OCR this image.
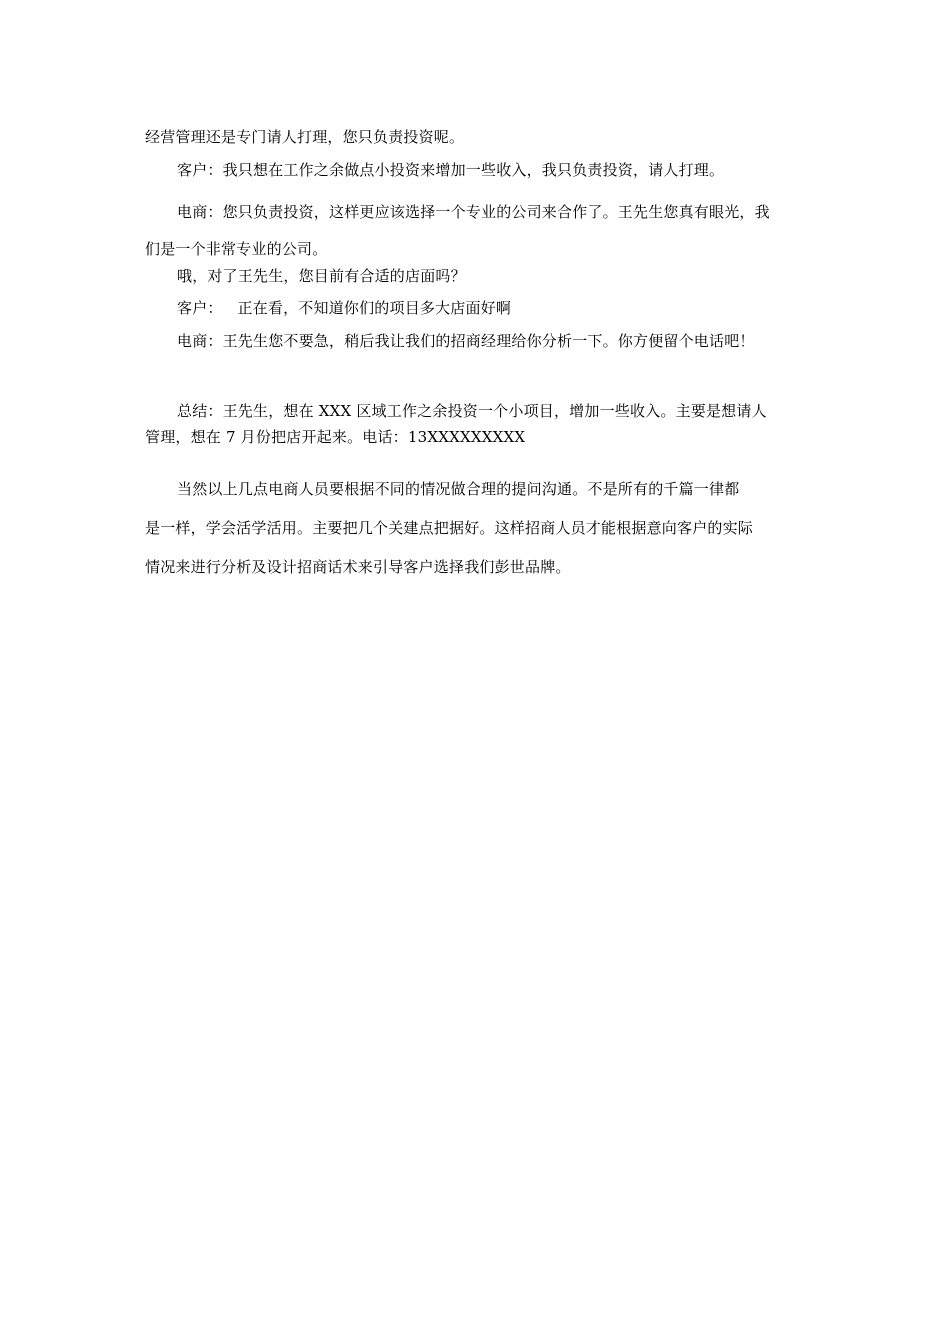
经营管理还是专门请人打理，您只负责投资呢。
客户：我只想在工作之余做点小投资来增加一些收入，我只负责投资，请人打理。
电商：您只负责投资，这样更应该选择一个专业的公司来合作了。王先生您真有眼光，我
们是一个非常专业的公司。
哦，对了王先生，您目前有合适的店面吗？
客户：   正在看，不知道你们的项目多大店面好啊
电商：王先生您不要急，稍后我让我们的招商经理给你分析一下。你方便留个电话吧！
总结：王先生，想在 XXX 区域工作之余投资一个小项目，增加一些收入。主要是想请人
管理，想在 7 月份把店开起来。电话：13XXXXXXXXX
当然以上几点电商人员要根据不同的情况做合理的提问沟通。不是所有的千篇一律都
是一样，学会活学活用。主要把几个关建点把据好。这样招商人员才能根据意向客户的实际
情况来进行分析及设计招商话术来引导客户选择我们彭世品牌。
